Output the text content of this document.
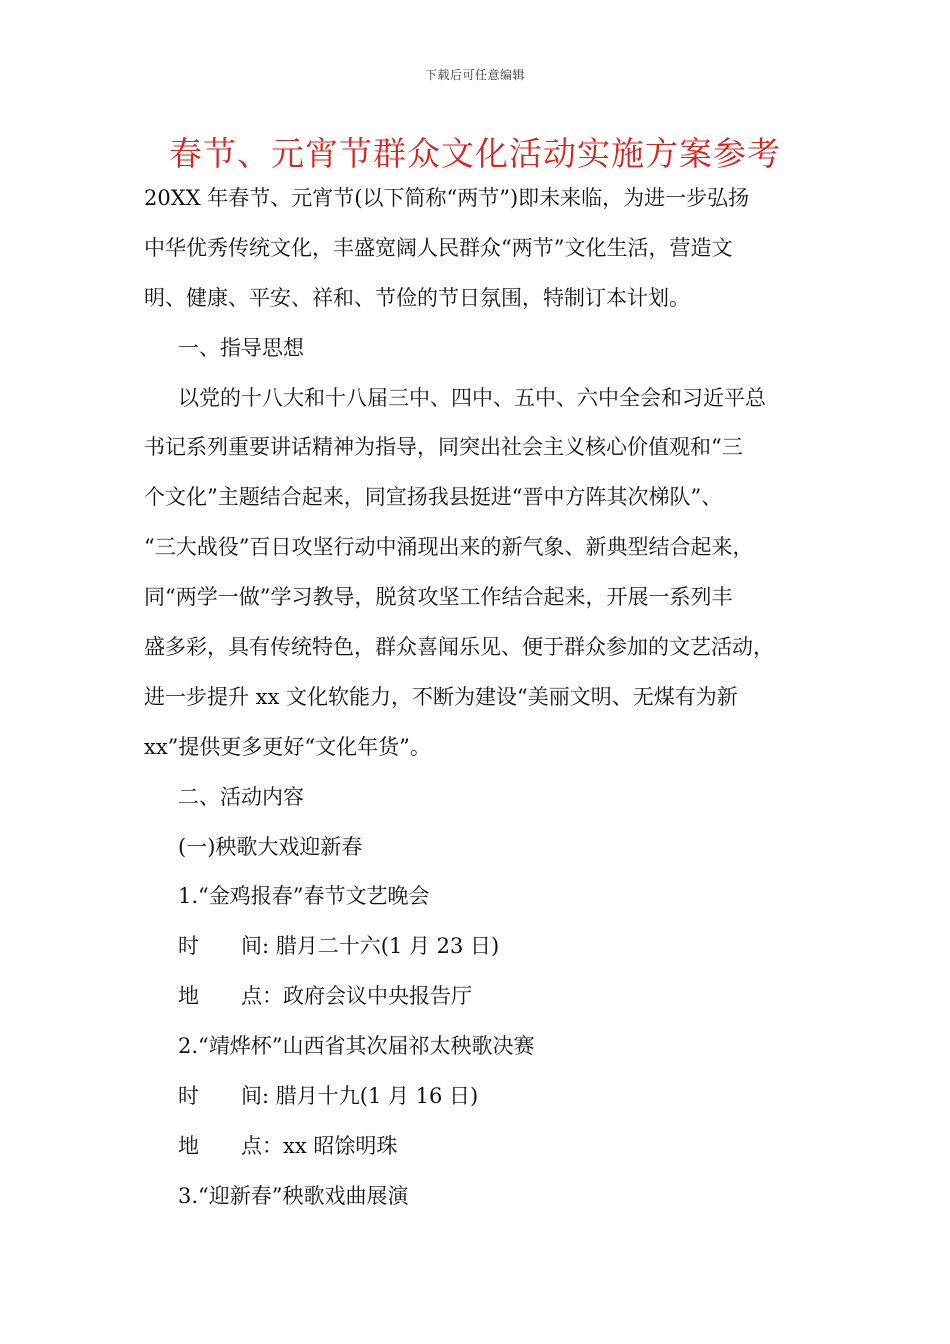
下载后可任意编辑
春节、元宵节群众文化活动实施方案参考
20XX 年春节、元宵节(以下简称“两节”)即未来临，为进一步弘扬
中华优秀传统文化，丰盛宽阔人民群众“两节”文化生活，营造文
明、健康、平安、祥和、节俭的节日氛围，特制订本计划。
一、指导思想
以党的十八大和十八届三中、四中、五中、六中全会和习近平总
书记系列重要讲话精神为指导，同突出社会主义核心价值观和“三
个文化”主题结合起来，同宣扬我县挺进“晋中方阵其次梯队”、
“三大战役”百日攻坚行动中涌现出来的新气象、新典型结合起来，
同“两学一做”学习教导，脱贫攻坚工作结合起来，开展一系列丰
盛多彩，具有传统特色，群众喜闻乐见、便于群众参加的文艺活动，
进一步提升 xx 文化软能力，不断为建设“美丽文明、无煤有为新
xx”提供更多更好“文化年货”。
二、活动内容
(一)秧歌大戏迎新春
1.“金鸡报春”春节文艺晚会
时　　间: 腊月二十六(1 月 23 日)
地　　点：政府会议中央报告厅
2.“靖烨杯”山西省其次届祁太秧歌决赛
时　　间: 腊月十九(1 月 16 日)
地　　点：xx 昭馀明珠
3.“迎新春”秧歌戏曲展演
